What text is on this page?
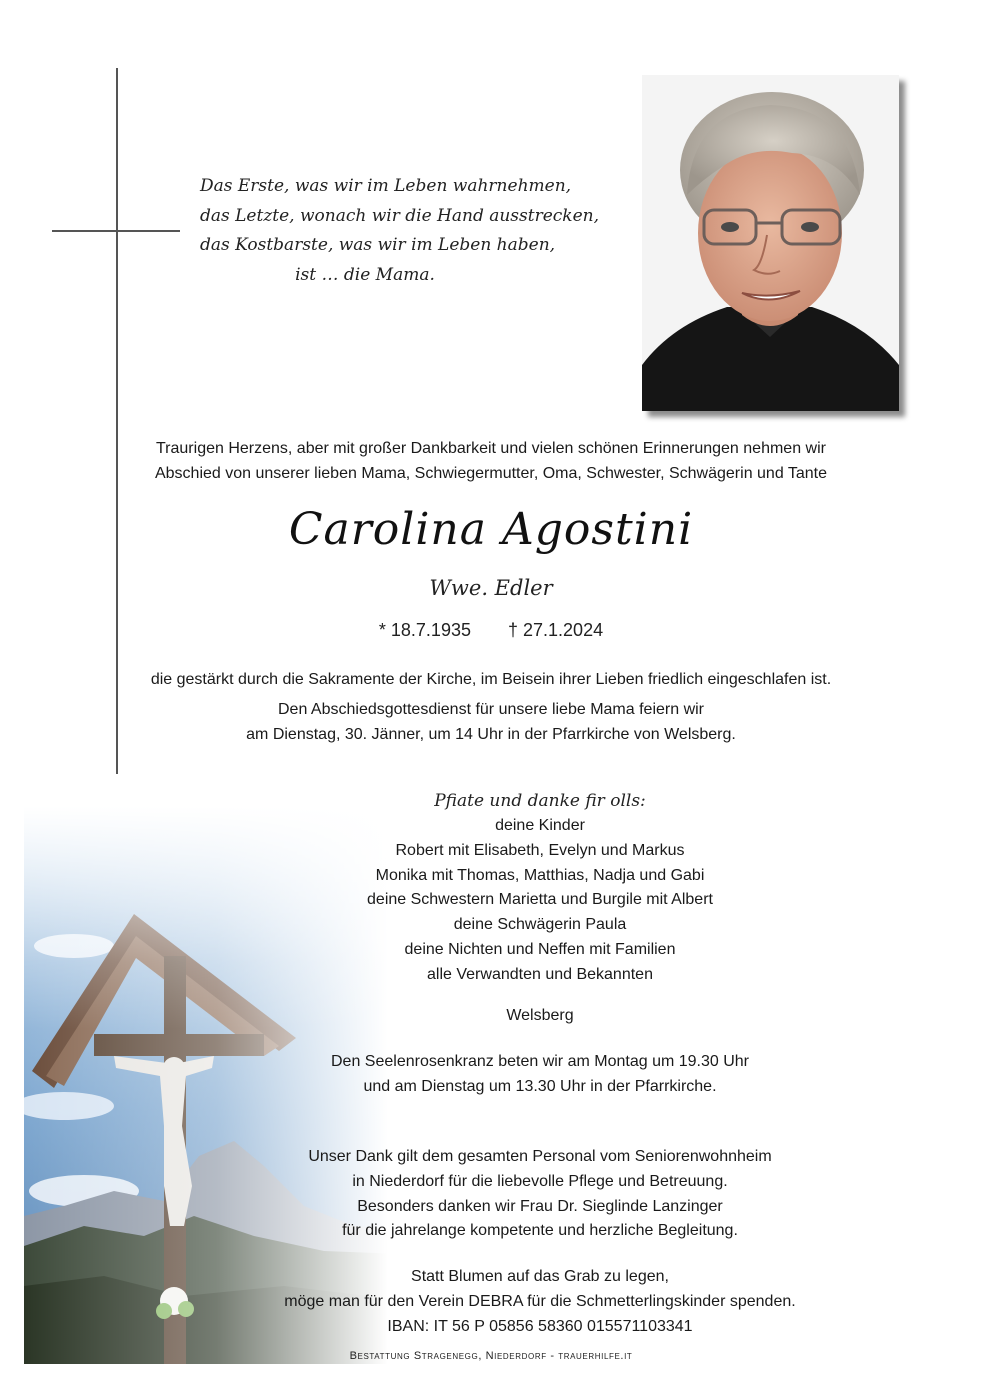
Das Erste, was wir im Leben wahrnehmen,
das Letzte, wonach wir die Hand ausstrecken,
das Kostbarste, was wir im Leben haben,
ist … die Mama.
Traurigen Herzens, aber mit großer Dankbarkeit und vielen schönen Erinnerungen nehmen wir
Abschied von unserer lieben Mama, Schwiegermutter, Oma, Schwester, Schwägerin und Tante
Carolina Agostini
Wwe. Edler
* 18.7.1935 † 27.1.2024
die gestärkt durch die Sakramente der Kirche, im Beisein ihrer Lieben friedlich eingeschlafen ist.
Den Abschiedsgottesdienst für unsere liebe Mama feiern wir
am Dienstag, 30. Jänner, um 14 Uhr in der Pfarrkirche von Welsberg.
Pfiate und danke fir olls:
deine Kinder
Robert mit Elisabeth, Evelyn und Markus
Monika mit Thomas, Matthias, Nadja und Gabi
deine Schwestern Marietta und Burgile mit Albert
deine Schwägerin Paula
deine Nichten und Neffen mit Familien
alle Verwandten und Bekannten
Welsberg
Den Seelenrosenkranz beten wir am Montag um 19.30 Uhr
und am Dienstag um 13.30 Uhr in der Pfarrkirche.
Unser Dank gilt dem gesamten Personal vom Seniorenwohnheim
in Niederdorf für die liebevolle Pflege und Betreuung.
Besonders danken wir Frau Dr. Sieglinde Lanzinger
für die jahrelange kompetente und herzliche Begleitung.
Statt Blumen auf das Grab zu legen,
möge man für den Verein DEBRA für die Schmetterlingskinder spenden.
IBAN: IT 56 P 05856 58360 015571103341
Bestattung Stragenegg, Niederdorf - trauerhilfe.it
